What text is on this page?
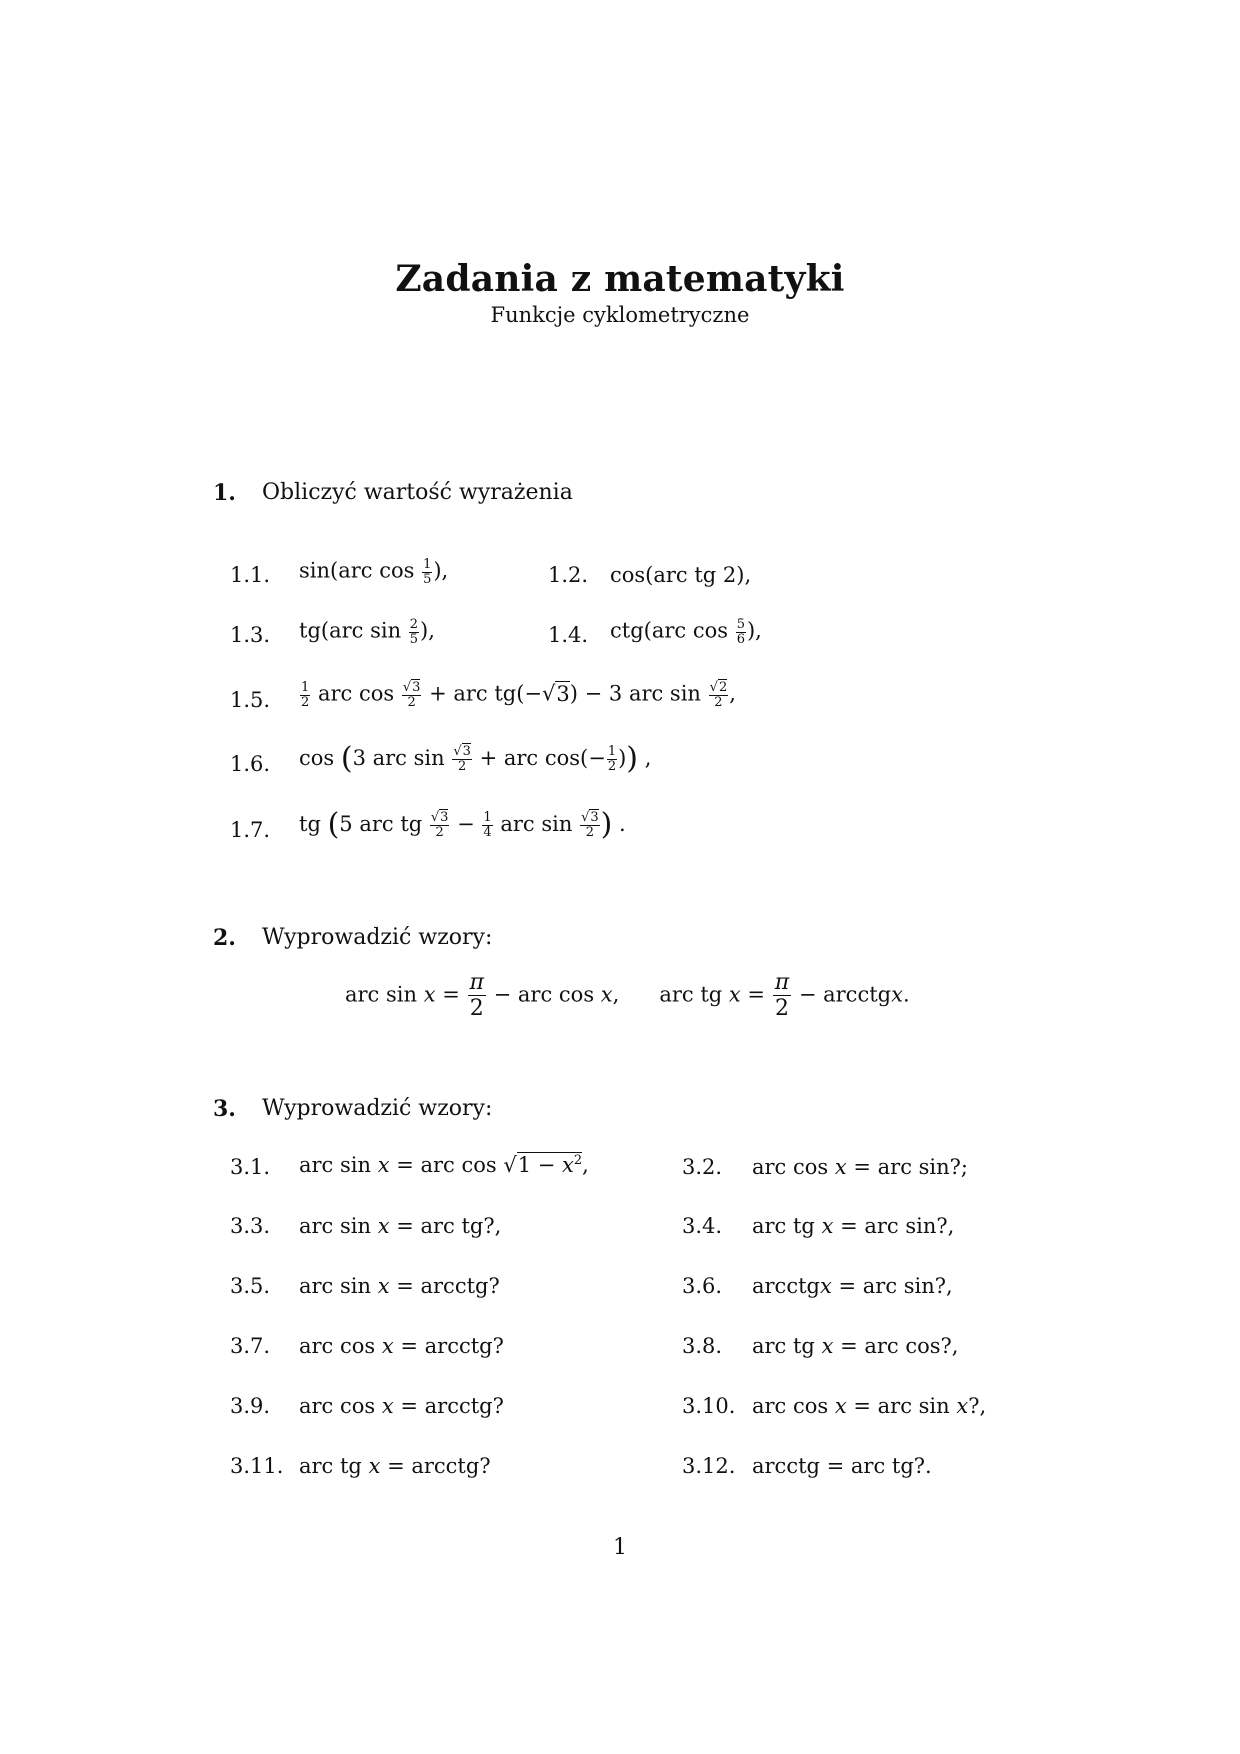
Zadania z matematyki
Funkcje cyklometryczne
1. Obliczyć wartość wyrażenia
1.1. sin(arc $\cos \frac{1}{5}$ ),	1.2. cos(arc tg 2),
1.3. tg(arc $\sin \frac{2}{5}$ ),	1.4. ctg(arc $\cos \frac{5}{6}$ ),
1.5. $\frac{1}{2}$ arc $\cos \frac{√3}{2}$ + arc tg(−√3) − 3 arc $\sin \frac{√2}{2}$ ,
1.6. cos (3 arc $\sin \frac{√3}{2}$ + arc $\cos(- \frac{1}{2}$ )) ,
1.7. tg (5 arc tg $\frac{√3}{2} - \frac{1}{4}$ arc $\sin \frac{√3}{2}$ ) .
2. Wyprowadzić wzory:
arc $\sin x = \frac{\pi}{2}$ − arc cos x,      arc tg $x = \frac{\pi}{2}$ − arcctgx.
3. Wyprowadzić wzory:
3.1. arc sin x = arc $\cos √1 - x^2$,	3.2. arc cos x = arc sin?;
3.3. arc sin x = arc tg?,	3.4. arc tg x = arc sin?,
3.5. arc sin x = arcctg?	3.6. arcctgx = arc sin?,
3.7. arc cos x = arcctg?	3.8. arc tg x = arc cos?,
3.9. arc cos x = arcctg?	3.10. arc cos x = arc sin x?,
3.11. arc tg x = arcctg?	3.12. arcctg = arc tg?.
1
